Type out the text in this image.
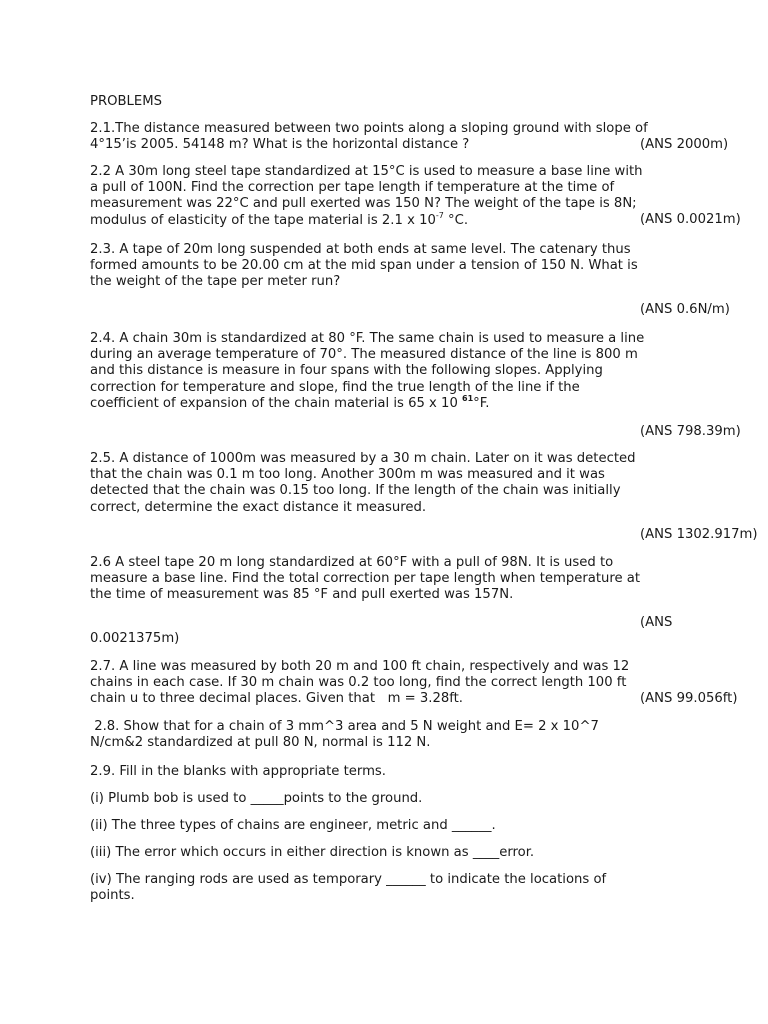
PROBLEMS
2.1.The distance measured between two points along a sloping ground with slope of
4°15’is 2005. 54148 m? What is the horizontal distance ?	(ANS 2000m)
2.2 A 30m long steel tape standardized at 15°C is used to measure a base line with
a pull of 100N. Find the correction per tape length if temperature at the time of
measurement was 22°C and pull exerted was 150 N? The weight of the tape is 8N;
modulus of elasticity of the tape material is 2.1 x $10^{-7}$ °C.	(ANS 0.0021m)
2.3. A tape of 20m long suspended at both ends at same level. The catenary thus
formed amounts to be 20.00 cm at the mid span under a tension of 150 N. What is
the weight of the tape per meter run?
(ANS 0.6N/m)
2.4. A chain 30m is standardized at 80 °F. The same chain is used to measure a line
during an average temperature of 70°. The measured distance of the line is 800 m
and this distance is measure in four spans with the following slopes. Applying
correction for temperature and slope, find the true length of the line if the
coefficient of expansion of the chain material is 65 x 10 $^{61}$°F.
(ANS 798.39m)
2.5. A distance of 1000m was measured by a 30 m chain. Later on it was detected
that the chain was 0.1 m too long. Another 300m m was measured and it was
detected that the chain was 0.15 too long. If the length of the chain was initially
correct, determine the exact distance it measured.
(ANS 1302.917m)
2.6 A steel tape 20 m long standardized at 60°F with a pull of 98N. It is used to
measure a base line. Find the total correction per tape length when temperature at
the time of measurement was 85 °F and pull exerted was 157N.
(ANS
0.0021375m)
2.7. A line was measured by both 20 m and 100 ft chain, respectively and was 12
chains in each case. If 30 m chain was 0.2 too long, find the correct length 100 ft
chain u to three decimal places. Given that   m = 3.28ft.	(ANS 99.056ft)
2.8. Show that for a chain of 3 mm^3 area and 5 N weight and E= 2 x 10^7
N/cm&2 standardized at pull 80 N, normal is 112 N.
2.9. Fill in the blanks with appropriate terms.
(i) Plumb bob is used to _____points to the ground.
(ii) The three types of chains are engineer, metric and ______.
(iii) The error which occurs in either direction is known as ____error.
(iv) The ranging rods are used as temporary ______ to indicate the locations of
points.
